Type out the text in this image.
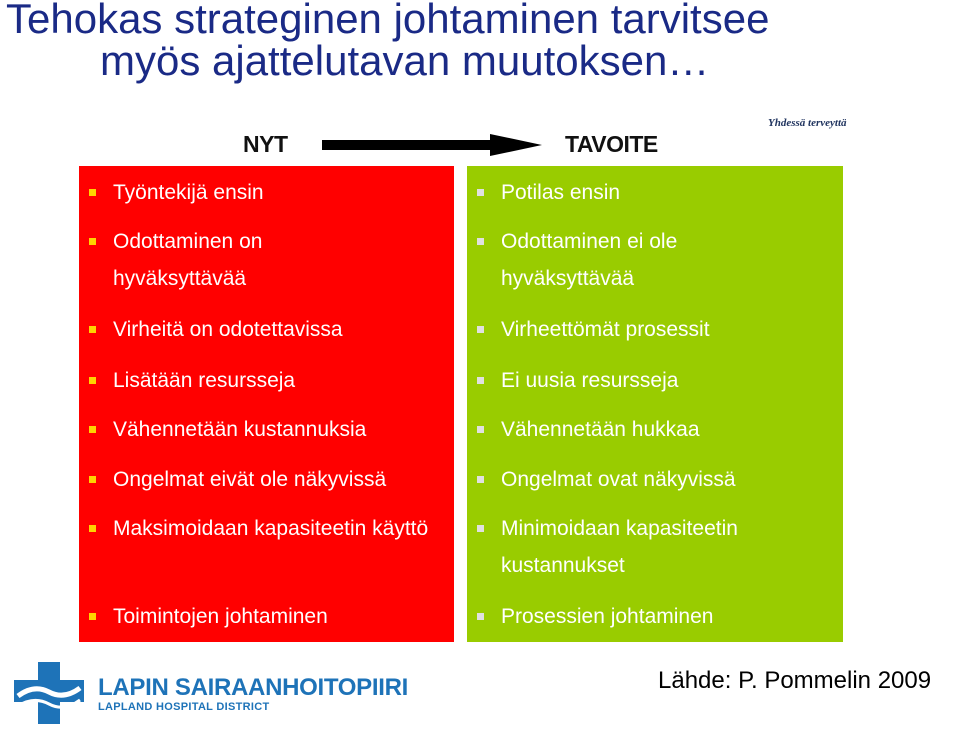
Tehokas strateginen johtaminen tarvitsee
myös ajattelutavan muutoksen…
NYT	TAVOITE
Yhdessä terveyttä
Työntekijä ensin
Odottaminen on hyväksyttävää
Virheitä on odotettavissa
Lisätään resursseja
Vähennetään kustannuksia
Ongelmat eivät ole näkyvissä
Maksimoidaan kapasiteetin käyttö
Toimintojen johtaminen
Potilas ensin
Odottaminen ei ole hyväksyttävää
Virheettömät prosessit
Ei uusia resursseja
Vähennetään hukkaa
Ongelmat ovat näkyvissä
Minimoidaan kapasiteetin kustannukset
Prosessien johtaminen
LAPIN SAIRAANHOITOPIIRI
LAPLAND HOSPITAL DISTRICT
Lähde: P. Pommelin 2009
